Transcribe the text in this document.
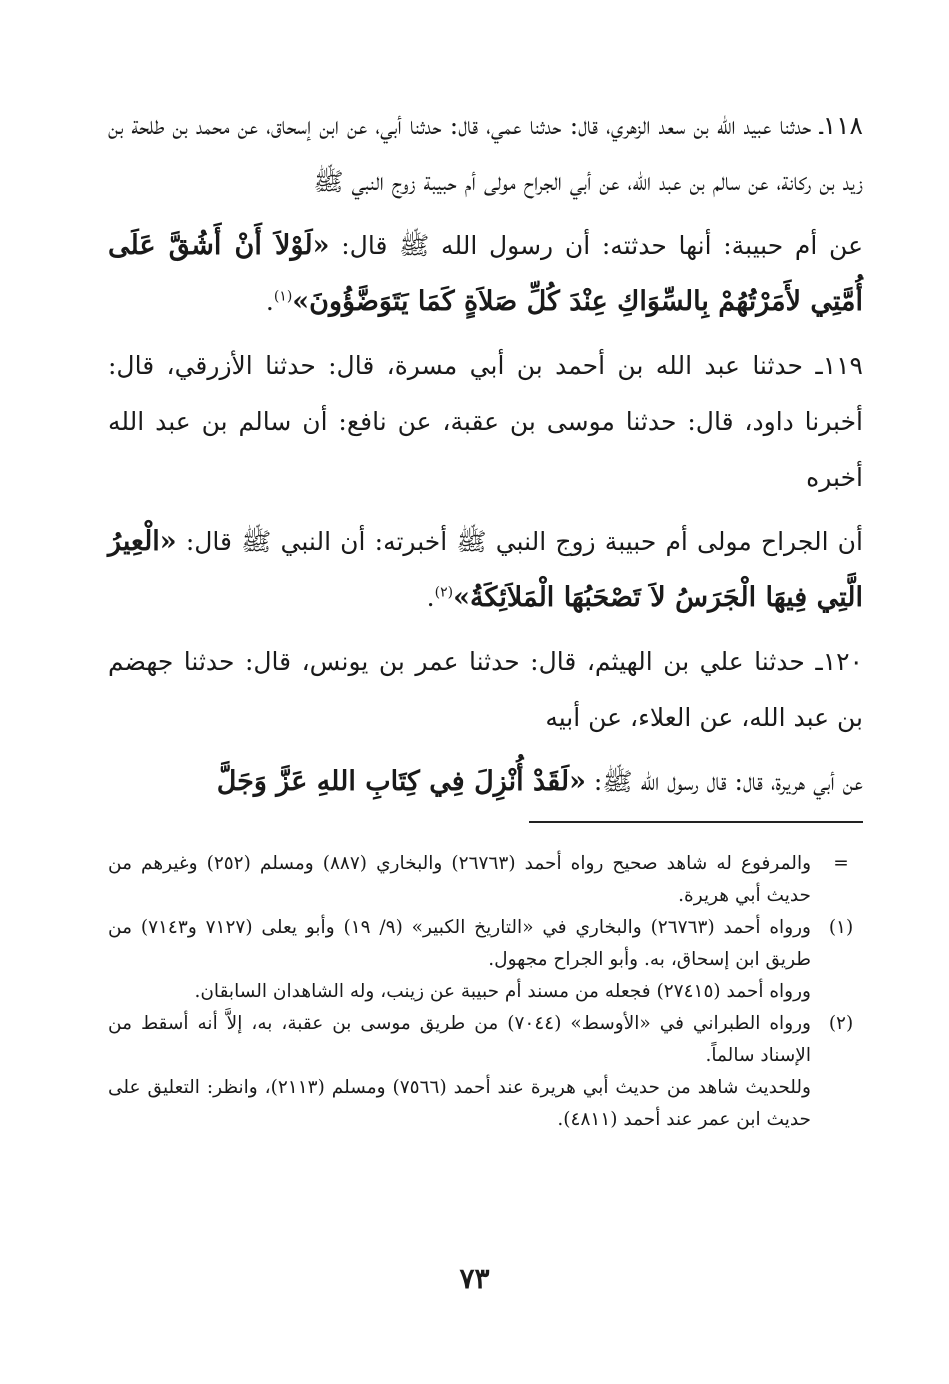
١١٨ـ حدثنا عبيد الله بن سعد الزهري، قال: حدثنا عمي، قال: حدثنا أبي، عن ابن إسحاق، عن محمد بن طلحة بن زيد بن ركانة، عن سالم بن عبد الله، عن أبي الجراح مولى أم حبيبة زوج النبي ﷺ

عن أم حبيبة: أنها حدثته: أن رسول الله ﷺ قال: «لَوْلاَ أَنْ أَشُقَّ عَلَى أُمَّتِي لأَمَرْتُهُمْ بِالسِّوَاكِ عِنْدَ كُلِّ صَلاَةٍ كَمَا يَتَوَضَّؤُونَ»$^{(١)}$.

١١٩ـ حدثنا عبد الله بن أحمد بن أبي مسرة، قال: حدثنا الأزرقي، قال: أخبرنا داود، قال: حدثنا موسى بن عقبة، عن نافع: أن سالم بن عبد الله أخبره

أن الجراح مولى أم حبيبة زوج النبي ﷺ أخبرته: أن النبي ﷺ قال: «الْعِيرُ الَّتِي فِيهَا الْجَرَسُ لاَ تَصْحَبُهَا الْمَلاَئِكَةُ»$^{(٢)}$.

١٢٠ـ حدثنا علي بن الهيثم، قال: حدثنا عمر بن يونس، قال: حدثنا جهضم بن عبد الله، عن العلاء، عن أبيه

عن أبي هريرة، قال: قال رسول الله ﷺ: «لَقَدْ أُنْزِلَ فِي كِتَابِ اللهِ عَزَّ وَجَلَّ

=

والمرفوع له شاهد صحيح رواه أحمد (٢٦٧٦٣) والبخاري (٨٨٧) ومسلم (٢٥٢) وغيرهم من حديث أبي هريرة.

(١)

ورواه أحمد (٢٦٧٦٣) والبخاري في «التاريخ الكبير» (٩/ ١٩) وأبو يعلى (٧١٢٧ و٧١٤٣) من طريق ابن إسحاق، به. وأبو الجراح مجهول.

ورواه أحمد (٢٧٤١٥) فجعله من مسند أم حبيبة عن زينب، وله الشاهدان السابقان.

(٢)

ورواه الطبراني في «الأوسط» (٧٠٤٤) من طريق موسى بن عقبة، به، إلاَّ أنه أسقط من الإسناد سالماً.

وللحديث شاهد من حديث أبي هريرة عند أحمد (٧٥٦٦) ومسلم (٢١١٣)، وانظر: التعليق على حديث ابن عمر عند أحمد (٤٨١١).

٧٣
